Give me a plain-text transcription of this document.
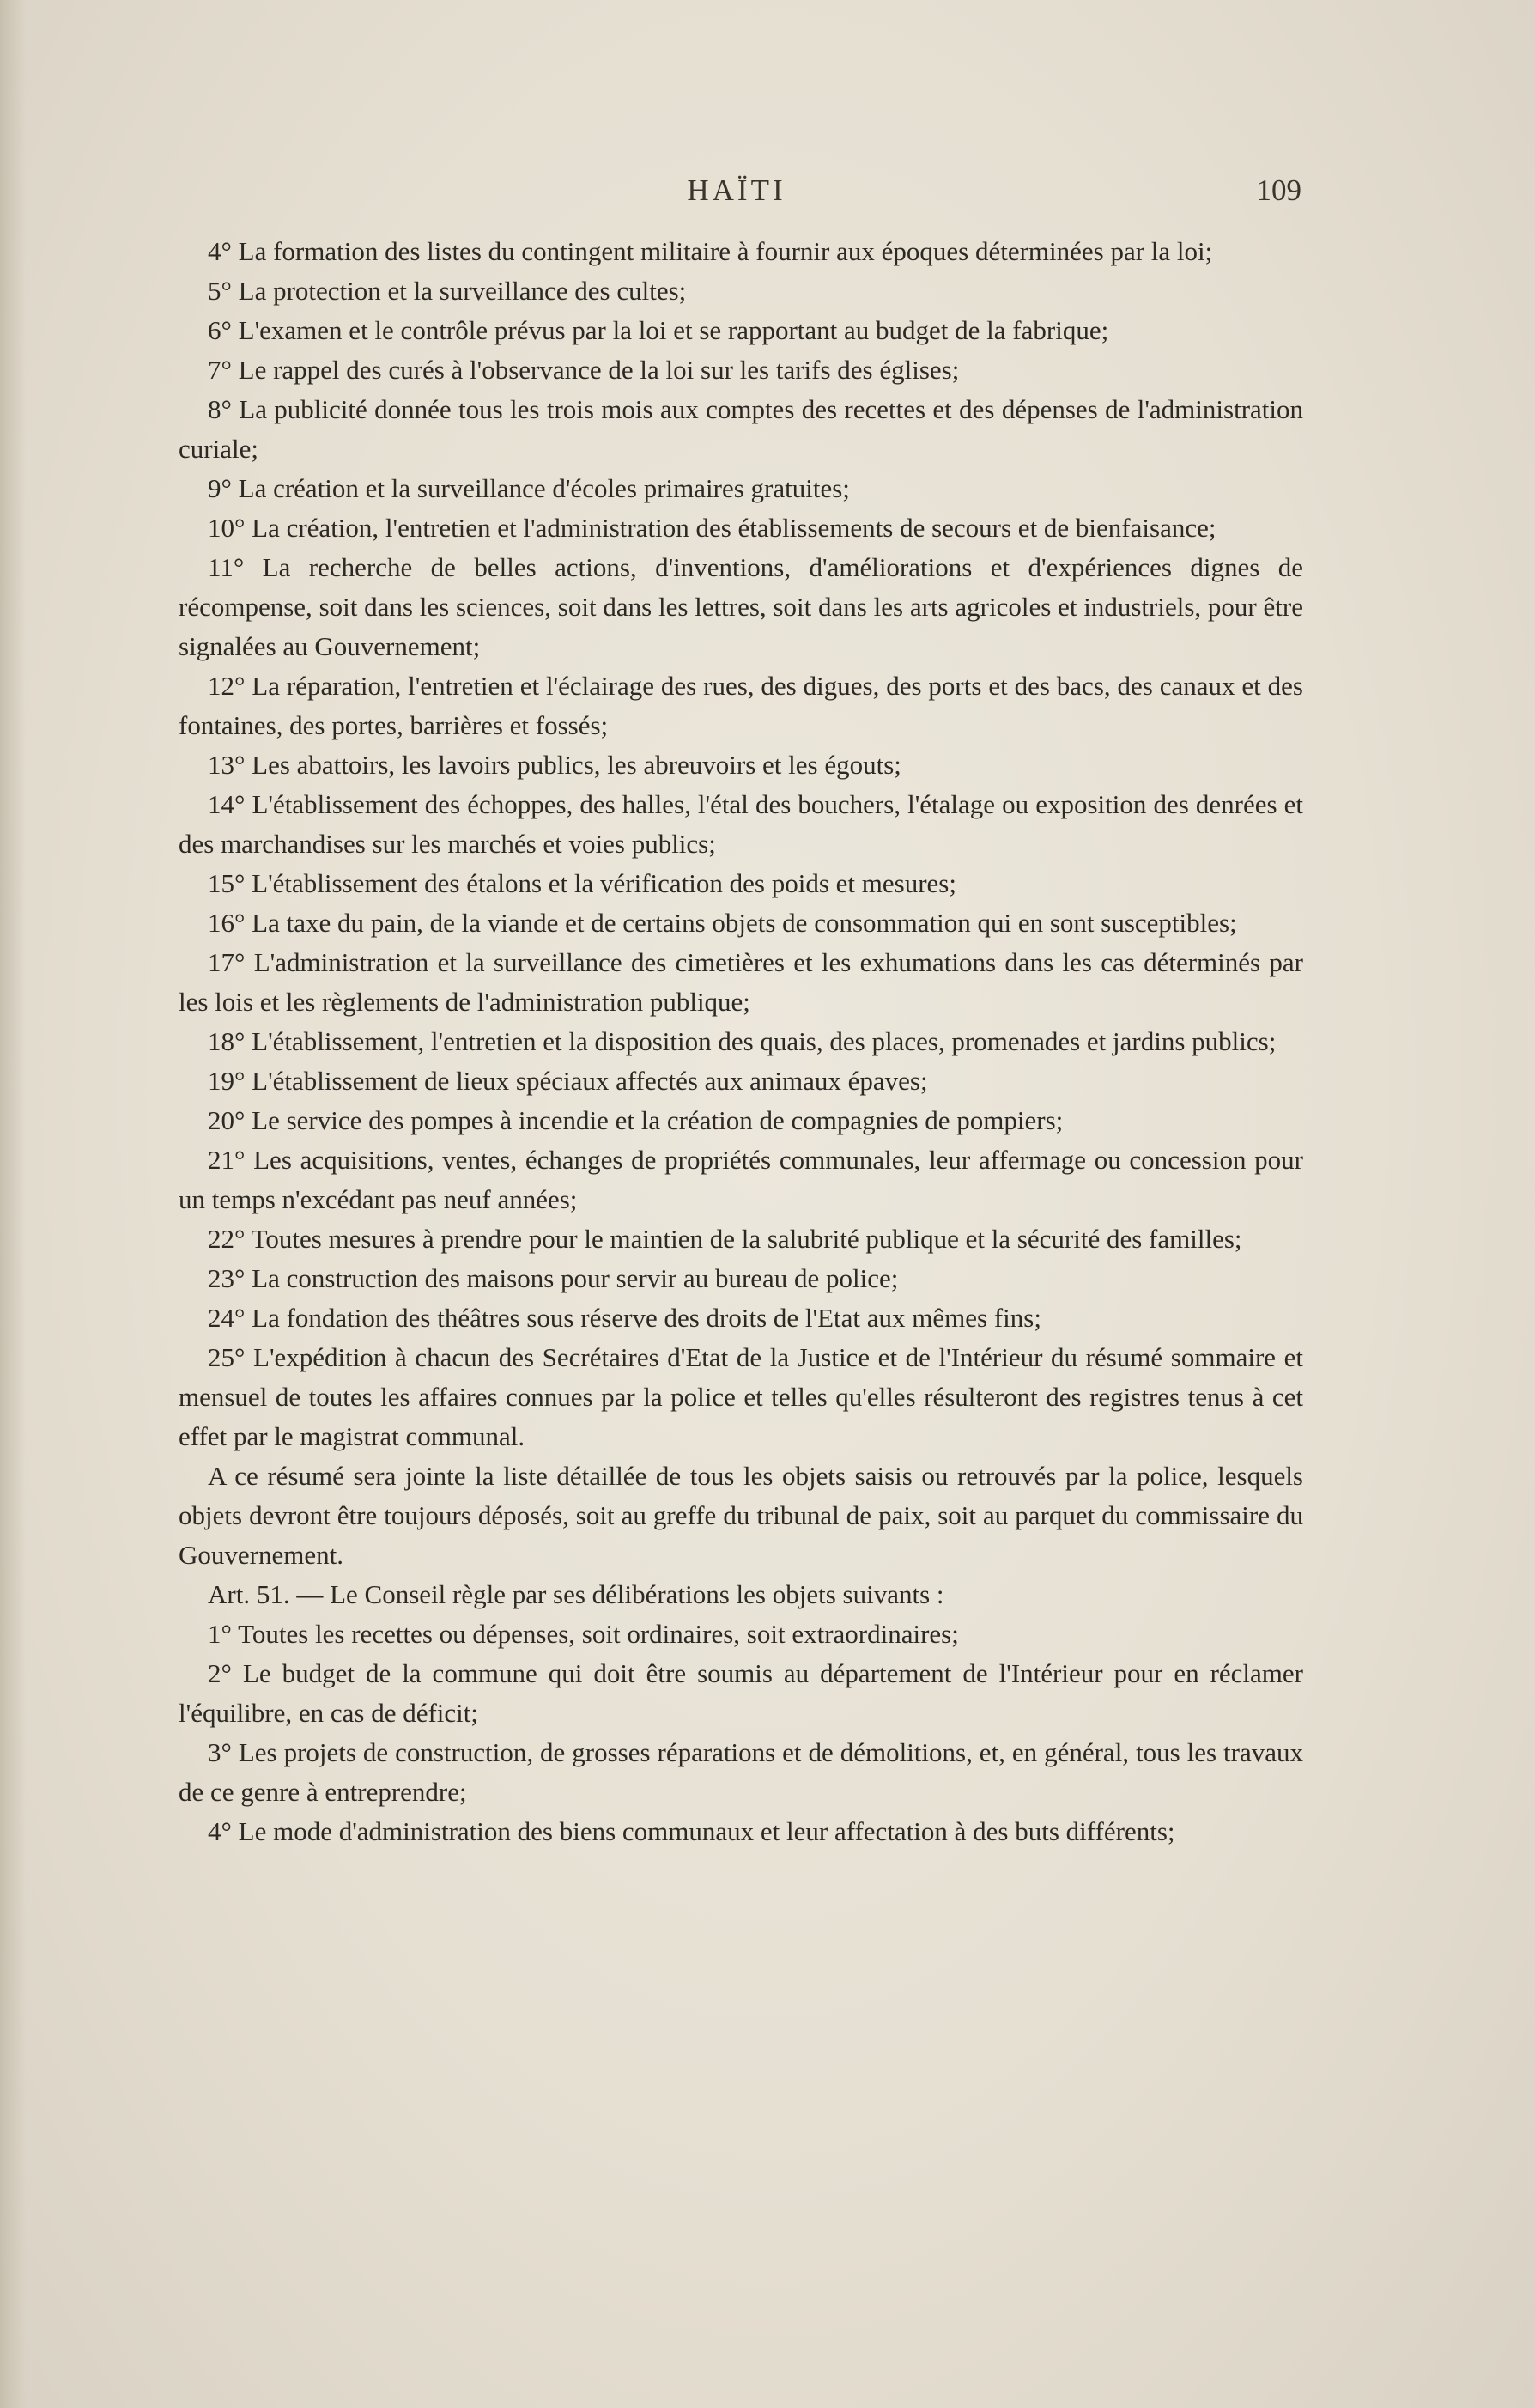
HAÏTI	109

4° La formation des listes du contingent militaire à fournir aux époques déterminées par la loi;

5° La protection et la surveillance des cultes;

6° L'examen et le contrôle prévus par la loi et se rapportant au budget de la fabrique;

7° Le rappel des curés à l'observance de la loi sur les tarifs des églises;

8° La publicité donnée tous les trois mois aux comptes des recettes et des dépenses de l'administration curiale;

9° La création et la surveillance d'écoles primaires gratuites;

10° La création, l'entretien et l'administration des établissements de secours et de bienfaisance;

11° La recherche de belles actions, d'inventions, d'améliorations et d'expériences dignes de récompense, soit dans les sciences, soit dans les lettres, soit dans les arts agricoles et industriels, pour être signalées au Gouvernement;

12° La réparation, l'entretien et l'éclairage des rues, des digues, des ports et des bacs, des canaux et des fontaines, des portes, barrières et fossés;

13° Les abattoirs, les lavoirs publics, les abreuvoirs et les égouts;

14° L'établissement des échoppes, des halles, l'étal des bouchers, l'étalage ou exposition des denrées et des marchandises sur les marchés et voies publics;

15° L'établissement des étalons et la vérification des poids et mesures;

16° La taxe du pain, de la viande et de certains objets de consommation qui en sont susceptibles;

17° L'administration et la surveillance des cimetières et les exhumations dans les cas déterminés par les lois et les règlements de l'administration publique;

18° L'établissement, l'entretien et la disposition des quais, des places, promenades et jardins publics;

19° L'établissement de lieux spéciaux affectés aux animaux épaves;

20° Le service des pompes à incendie et la création de compagnies de pompiers;

21° Les acquisitions, ventes, échanges de propriétés communales, leur affermage ou concession pour un temps n'excédant pas neuf années;

22° Toutes mesures à prendre pour le maintien de la salubrité publique et la sécurité des familles;

23° La construction des maisons pour servir au bureau de police;

24° La fondation des théâtres sous réserve des droits de l'Etat aux mêmes fins;

25° L'expédition à chacun des Secrétaires d'Etat de la Justice et de l'Intérieur du résumé sommaire et mensuel de toutes les affaires connues par la police et telles qu'elles résulteront des registres tenus à cet effet par le magistrat communal.

A ce résumé sera jointe la liste détaillée de tous les objets saisis ou retrouvés par la police, lesquels objets devront être toujours déposés, soit au greffe du tribunal de paix, soit au parquet du commissaire du Gouvernement.

Art. 51. — Le Conseil règle par ses délibérations les objets suivants :

1° Toutes les recettes ou dépenses, soit ordinaires, soit extraordinaires;

2° Le budget de la commune qui doit être soumis au département de l'Intérieur pour en réclamer l'équilibre, en cas de déficit;

3° Les projets de construction, de grosses réparations et de démolitions, et, en général, tous les travaux de ce genre à entreprendre;

4° Le mode d'administration des biens communaux et leur affectation à des buts différents;
